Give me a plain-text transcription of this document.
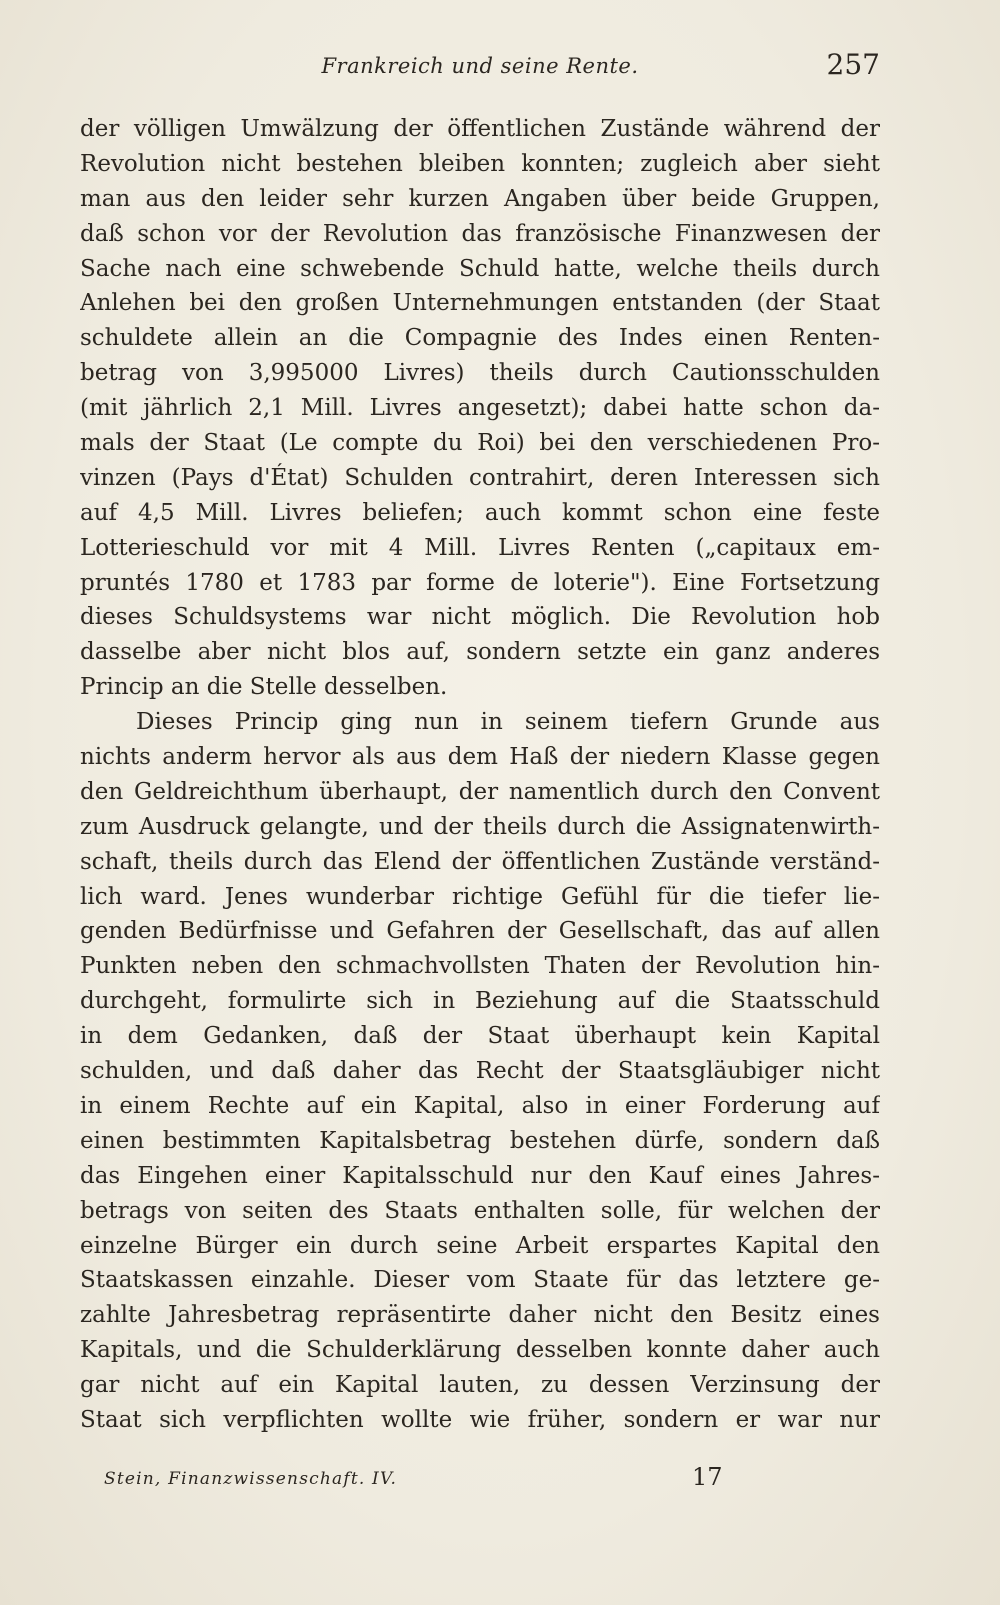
Frankreich und seine Rente.	257
der völligen Umwälzung der öffentlichen Zustände während der
Revolution nicht bestehen bleiben konnten; zugleich aber sieht
man aus den leider sehr kurzen Angaben über beide Gruppen,
daß schon vor der Revolution das französische Finanzwesen der
Sache nach eine schwebende Schuld hatte, welche theils durch
Anlehen bei den großen Unternehmungen entstanden (der Staat
schuldete allein an die Compagnie des Indes einen Renten-
betrag von 3,995000 Livres) theils durch Cautionsschulden
(mit jährlich 2,1 Mill. Livres angesetzt); dabei hatte schon da-
mals der Staat (Le compte du Roi) bei den verschiedenen Pro-
vinzen (Pays d'État) Schulden contrahirt, deren Interessen sich
auf 4,5 Mill. Livres beliefen; auch kommt schon eine feste
Lotterieschuld vor mit 4 Mill. Livres Renten („capitaux em-
pruntés 1780 et 1783 par forme de loterie"). Eine Fortsetzung
dieses Schuldsystems war nicht möglich. Die Revolution hob
dasselbe aber nicht blos auf, sondern setzte ein ganz anderes
Princip an die Stelle desselben.
Dieses Princip ging nun in seinem tiefern Grunde aus
nichts anderm hervor als aus dem Haß der niedern Klasse gegen
den Geldreichthum überhaupt, der namentlich durch den Convent
zum Ausdruck gelangte, und der theils durch die Assignatenwirth-
schaft, theils durch das Elend der öffentlichen Zustände verständ-
lich ward. Jenes wunderbar richtige Gefühl für die tiefer lie-
genden Bedürfnisse und Gefahren der Gesellschaft, das auf allen
Punkten neben den schmachvollsten Thaten der Revolution hin-
durchgeht, formulirte sich in Beziehung auf die Staatsschuld
in dem Gedanken, daß der Staat überhaupt kein Kapital
schulden, und daß daher das Recht der Staatsgläubiger nicht
in einem Rechte auf ein Kapital, also in einer Forderung auf
einen bestimmten Kapitalsbetrag bestehen dürfe, sondern daß
das Eingehen einer Kapitalsschuld nur den Kauf eines Jahres-
betrags von seiten des Staats enthalten solle, für welchen der
einzelne Bürger ein durch seine Arbeit erspartes Kapital den
Staatskassen einzahle. Dieser vom Staate für das letztere ge-
zahlte Jahresbetrag repräsentirte daher nicht den Besitz eines
Kapitals, und die Schulderklärung desselben konnte daher auch
gar nicht auf ein Kapital lauten, zu dessen Verzinsung der
Staat sich verpflichten wollte wie früher, sondern er war nur
Stein, Finanzwissenschaft. IV.	17
